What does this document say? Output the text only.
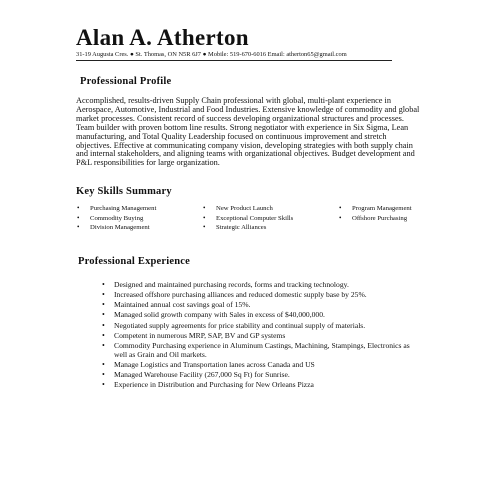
Alan A. Atherton
31-19 Augusta Cres. ● St. Thomas, ON N5R 6J7 ● Mobile: 519-670-6016 Email: atherton65@gmail.com
Professional Profile
Accomplished, results-driven Supply Chain professional with global, multi-plant experience in Aerospace, Automotive, Industrial and Food Industries. Extensive knowledge of commodity and global market processes. Consistent record of success developing organizational structures and processes. Team builder with proven bottom line results. Strong negotiator with experience in Six Sigma, Lean manufacturing, and Total Quality Leadership focused on continuous improvement and stretch objectives. Effective at communicating company vision, developing strategies with both supply chain and internal stakeholders, and aligning teams with organizational objectives. Budget development and P&L responsibilities for large organization.
Key Skills Summary
• Purchasing Management
• Commodity Buying
• Division Management
• New Product Launch
• Exceptional Computer Skills
• Strategic Alliances
• Program Management
• Offshore Purchasing
Professional Experience
• Designed and maintained purchasing records, forms and tracking technology.
• Increased offshore purchasing alliances and reduced domestic supply base by 25%.
• Maintained annual cost savings goal of 15%.
• Managed solid growth company with Sales in excess of $40,000,000.
• Negotiated supply agreements for price stability and continual supply of materials.
• Competent in numerous MRP, SAP, BV and GP systems
• Commodity Purchasing experience in Aluminum Castings, Machining, Stampings, Electronics as well as Grain and Oil markets.
• Manage Logistics and Transportation lanes across Canada and US
• Managed Warehouse Facility (267,000 Sq Ft) for Sunrise.
• Experience in Distribution and Purchasing for New Orleans Pizza
